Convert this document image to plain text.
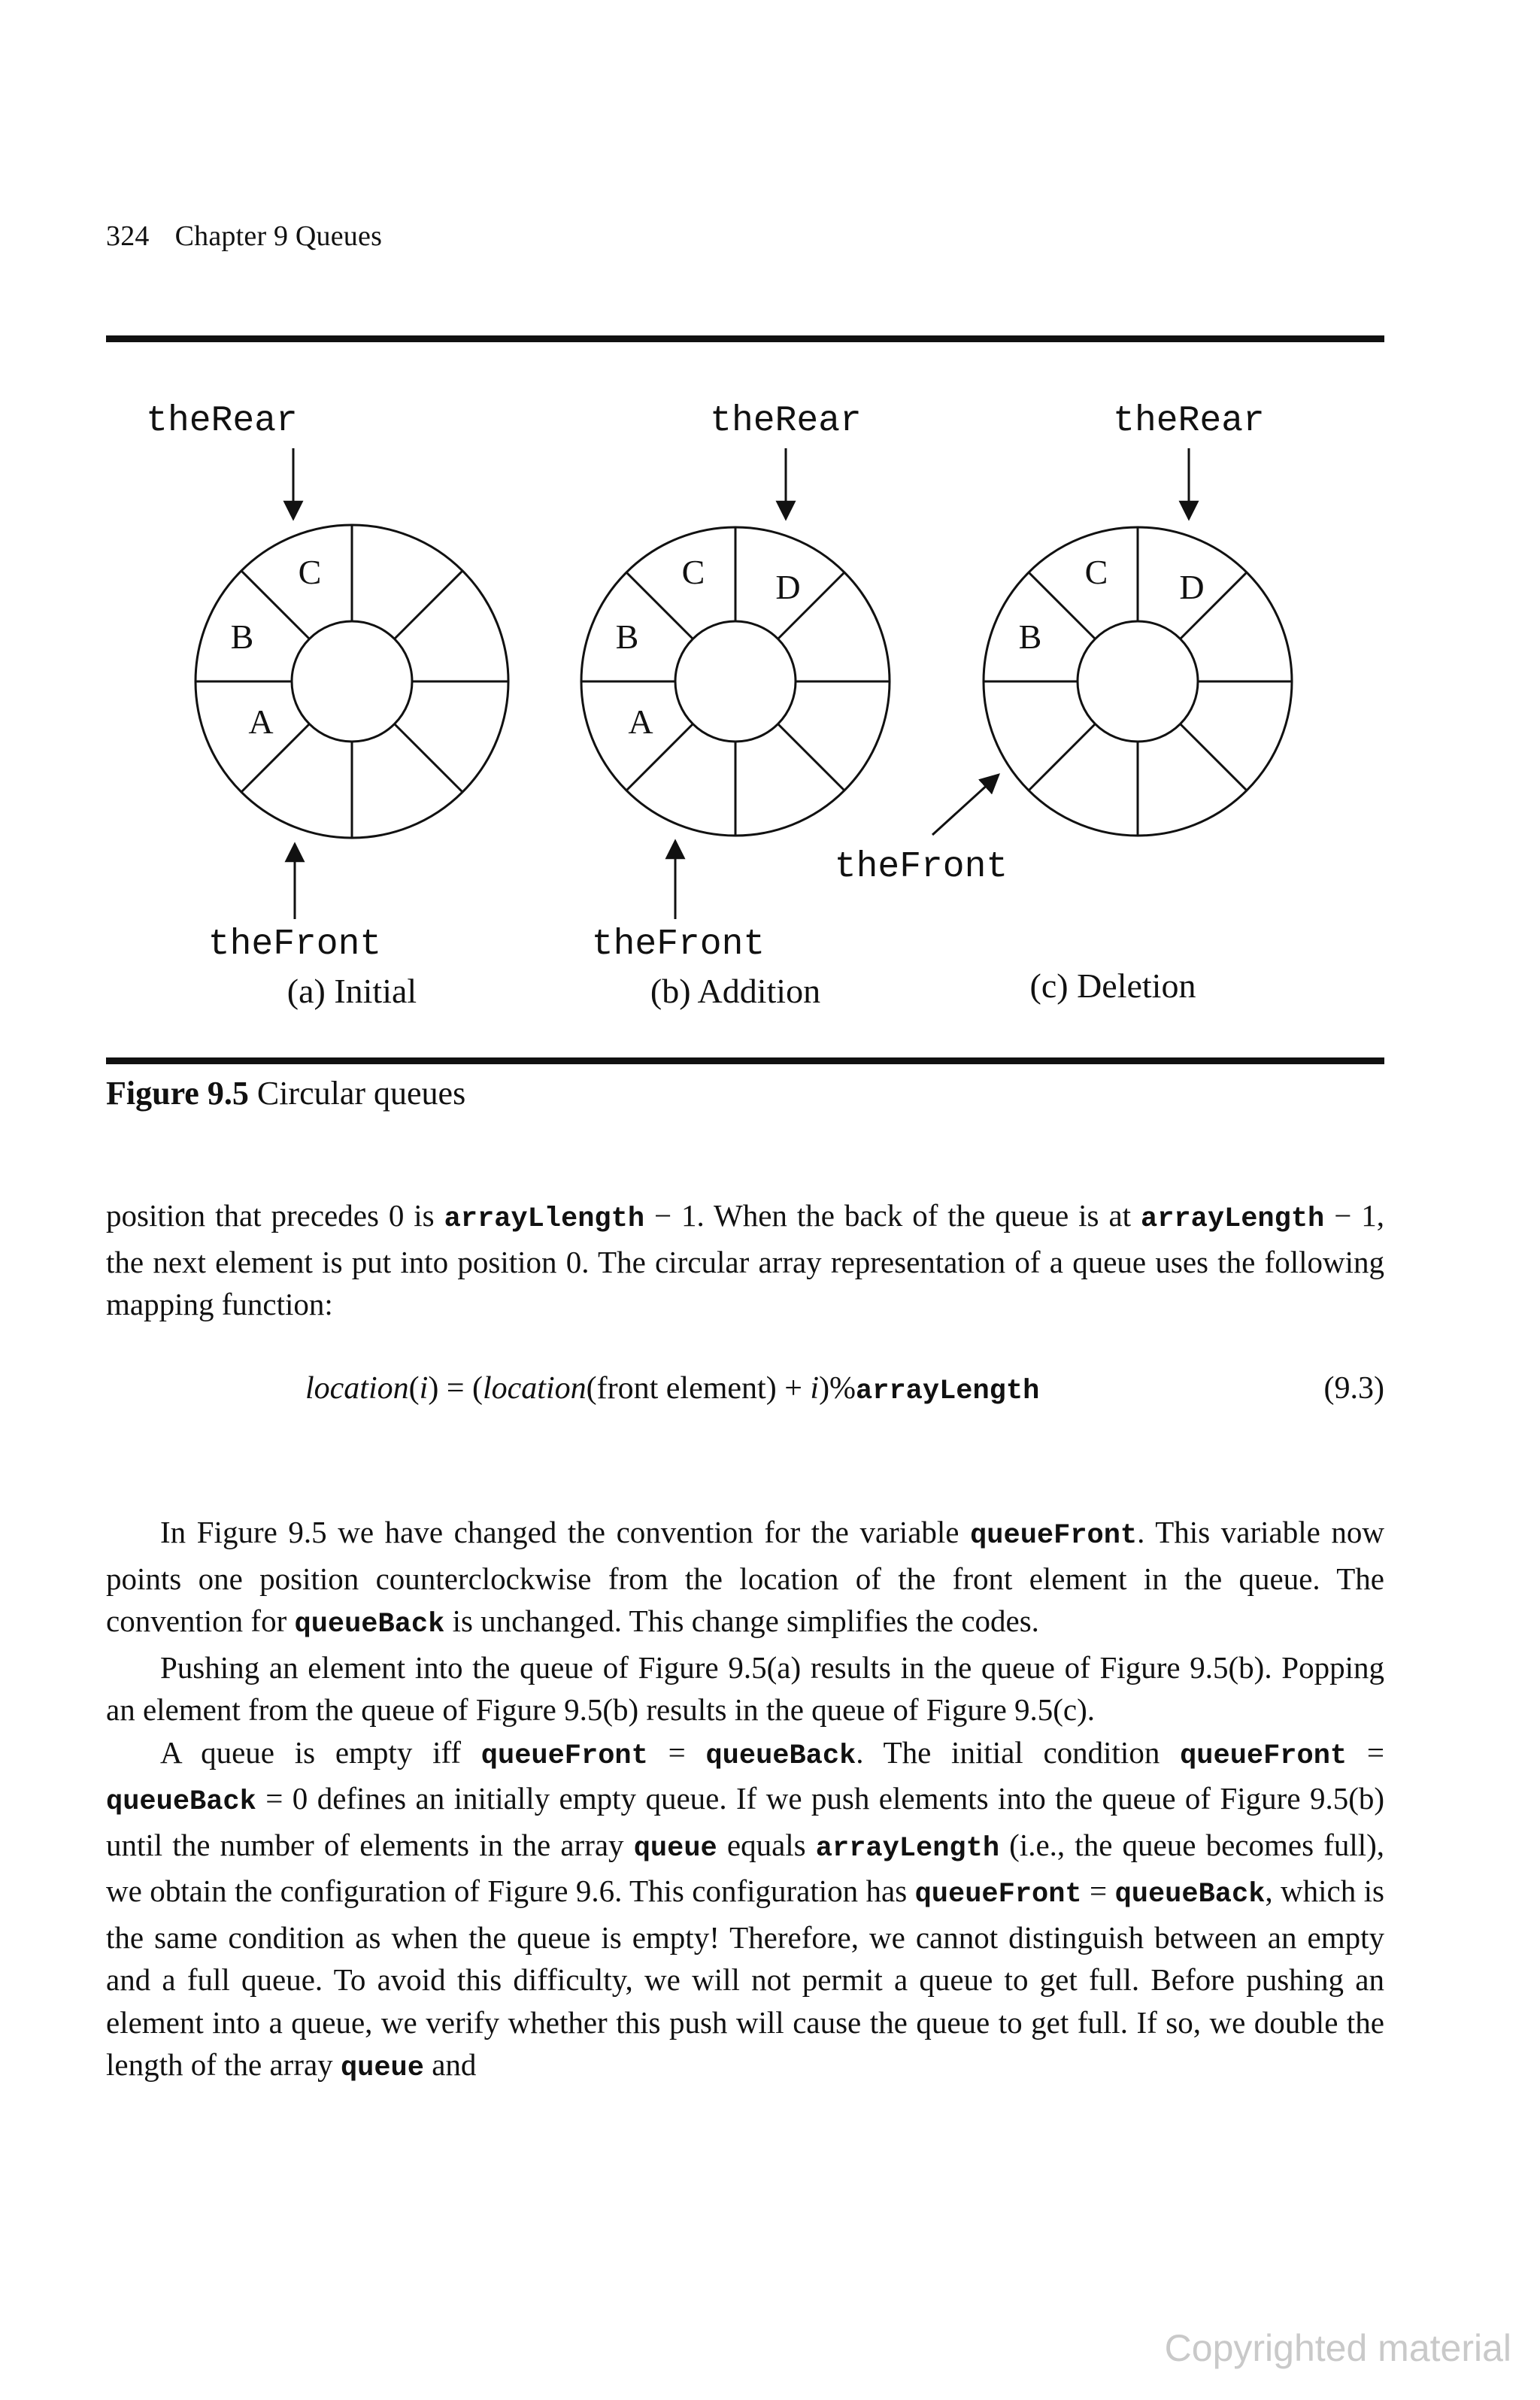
324 Chapter 9 Queues
theRear
C
B
A
theFront
(a) Initial
theRear
C D
B
A
theFront
(b) Addition
theRear
C D
B
theFront
(c) Deletion
Figure 9.5 Circular queues

position that precedes 0 is arrayLlength − 1. When the back of the queue is at arrayLength − 1, the next element is put into position 0. The circular array representation of a queue uses the following mapping function:

location(i) = (location(front element) + i)%arrayLength	(9.3)

In Figure 9.5 we have changed the convention for the variable queueFront. This variable now points one position counterclockwise from the location of the front element in the queue. The convention for queueBack is unchanged. This change simplifies the codes.

Pushing an element into the queue of Figure 9.5(a) results in the queue of Figure 9.5(b). Popping an element from the queue of Figure 9.5(b) results in the queue of Figure 9.5(c).

A queue is empty iff queueFront = queueBack. The initial condition queueFront = queueBack = 0 defines an initially empty queue. If we push elements into the queue of Figure 9.5(b) until the number of elements in the array queue equals arrayLength (i.e., the queue becomes full), we obtain the configuration of Figure 9.6. This configuration has queueFront = queueBack, which is the same condition as when the queue is empty! Therefore, we cannot distinguish between an empty and a full queue. To avoid this difficulty, we will not permit a queue to get full. Before pushing an element into a queue, we verify whether this push will cause the queue to get full. If so, we double the length of the array queue and

Copyrighted material
